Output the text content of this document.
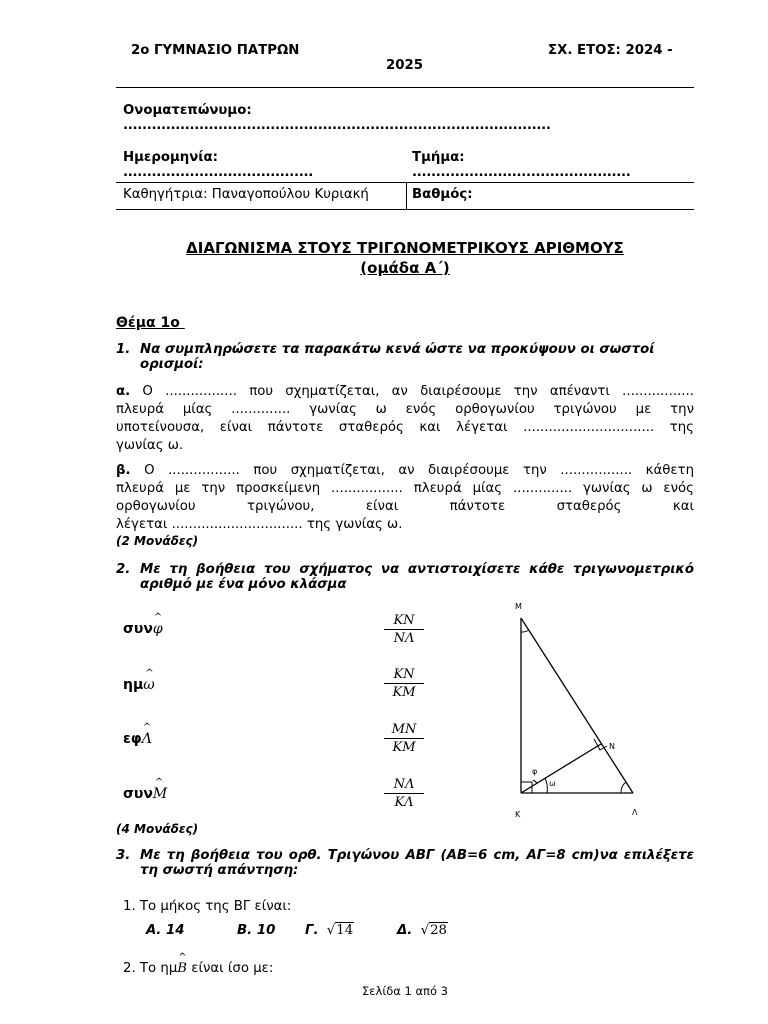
2ο ΓΥΜΝΑΣΙΟ ΠΑΤΡΩΝ	ΣΧ. ΕΤΟΣ: 2024 -
2025
Ονοματεπώνυμο:
..........................................................................................
Ημερομηνία:
........................................
Τμήμα:
..............................................
Καθηγήτρια: Παναγοπούλου Κυριακή	Βαθμός:
ΔΙΑΓΩΝΙΣΜΑ ΣΤΟΥΣ ΤΡΙΓΩΝΟΜΕΤΡΙΚΟΥΣ ΑΡΙΘΜΟΥΣ
(ομάδα Α΄)
Θέμα 1ο
1. Να συμπληρώσετε τα παρακάτω κενά ώστε να προκύψουν οι σωστοί ορισμοί:
α. Ο ................. που σχηματίζεται, αν διαιρέσουμε την απέναντι .................
πλευρά μίας .............. γωνίας ω ενός ορθογωνίου τριγώνου με την
υποτείνουσα, είναι πάντοτε σταθερός και λέγεται ............................... της
γωνίας ω.
β. Ο ................. που σχηματίζεται, αν διαιρέσουμε την ................. κάθετη
πλευρά με την προσκείμενη ................. πλευρά μίας .............. γωνίας ω ενός
ορθογωνίου τριγώνου, είναι πάντοτε σταθερός και
λέγεται ............................... της γωνίας ω.
(2 Μονάδες)
2. Με τη βοήθεια του σχήματος να αντιστοιχίσετε κάθε τριγωνομετρικό αριθμό με ένα μόνο κλάσμα
συνφ
^	$\frac{KN}{N\Lambda}$
ημω
^	$\frac{KN}{KM}$
εφΛ
^	$\frac{MN}{KM}$
συνΜ
^	$\frac{N\Lambda}{K\Lambda}$
Μ
Ν
Κ	Λ
φ
ω
(4 Μονάδες)
3. Με τη βοήθεια του ορθ. Τριγώνου ΑΒΓ (ΑΒ=6 cm, ΑΓ=8 cm)να επιλέξετε τη σωστή απάντηση:
1. Το μήκος της ΒΓ είναι:
Α. 14	Β. 10 Γ. √14	Δ. √28
2. Το ημB
^
είναι ίσο με:
Σελίδα 1 από 3
